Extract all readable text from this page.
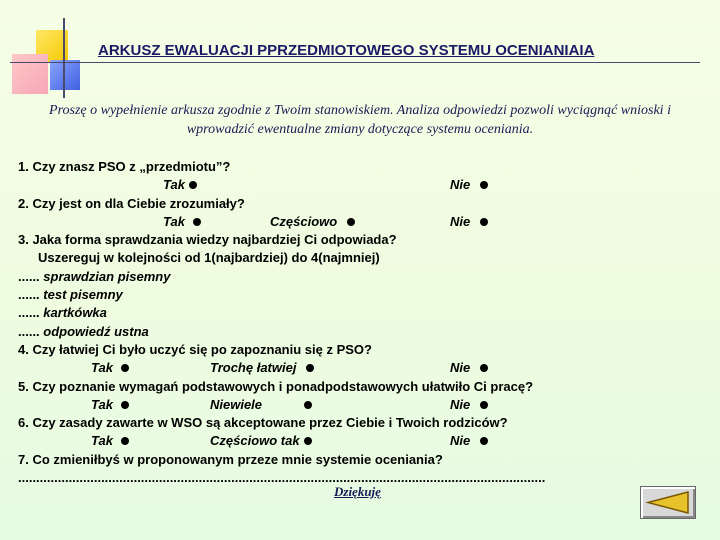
ARKUSZ EWALUACJI PPRZEDMIOTOWEGO SYSTEMU OCENIANIAIA
Proszę o wypełnienie arkusza zgodnie z Twoim stanowiskiem. Analiza odpowiedzi pozwoli wyciągnąć wnioski i wprowadzić ewentualne zmiany dotyczące systemu oceniania.
1. Czy znasz PSO z „przedmiotu”?
Tak	Nie
2. Czy jest on dla Ciebie zrozumiały?
Tak	Częściowo	Nie
3. Jaka forma sprawdzania wiedzy najbardziej Ci odpowiada?
Uszereguj w kolejności od 1(najbardziej) do 4(najmniej)
...... sprawdzian pisemny
...... test pisemny
...... kartkówka
...... odpowiedź ustna
4. Czy łatwiej Ci było uczyć się po zapoznaniu się z PSO?
Tak	Trochę łatwiej	Nie
5. Czy poznanie wymagań podstawowych i ponadpodstawowych ułatwiło Ci pracę?
Tak	Niewiele	Nie
6. Czy zasady zawarte w WSO są akceptowane przez Ciebie i Twoich rodziców?
Tak	Częściowo tak	Nie
7. Co zmieniłbyś w proponowanym przeze mnie systemie oceniania?
..................................................................................................................................................
Dziękuję
